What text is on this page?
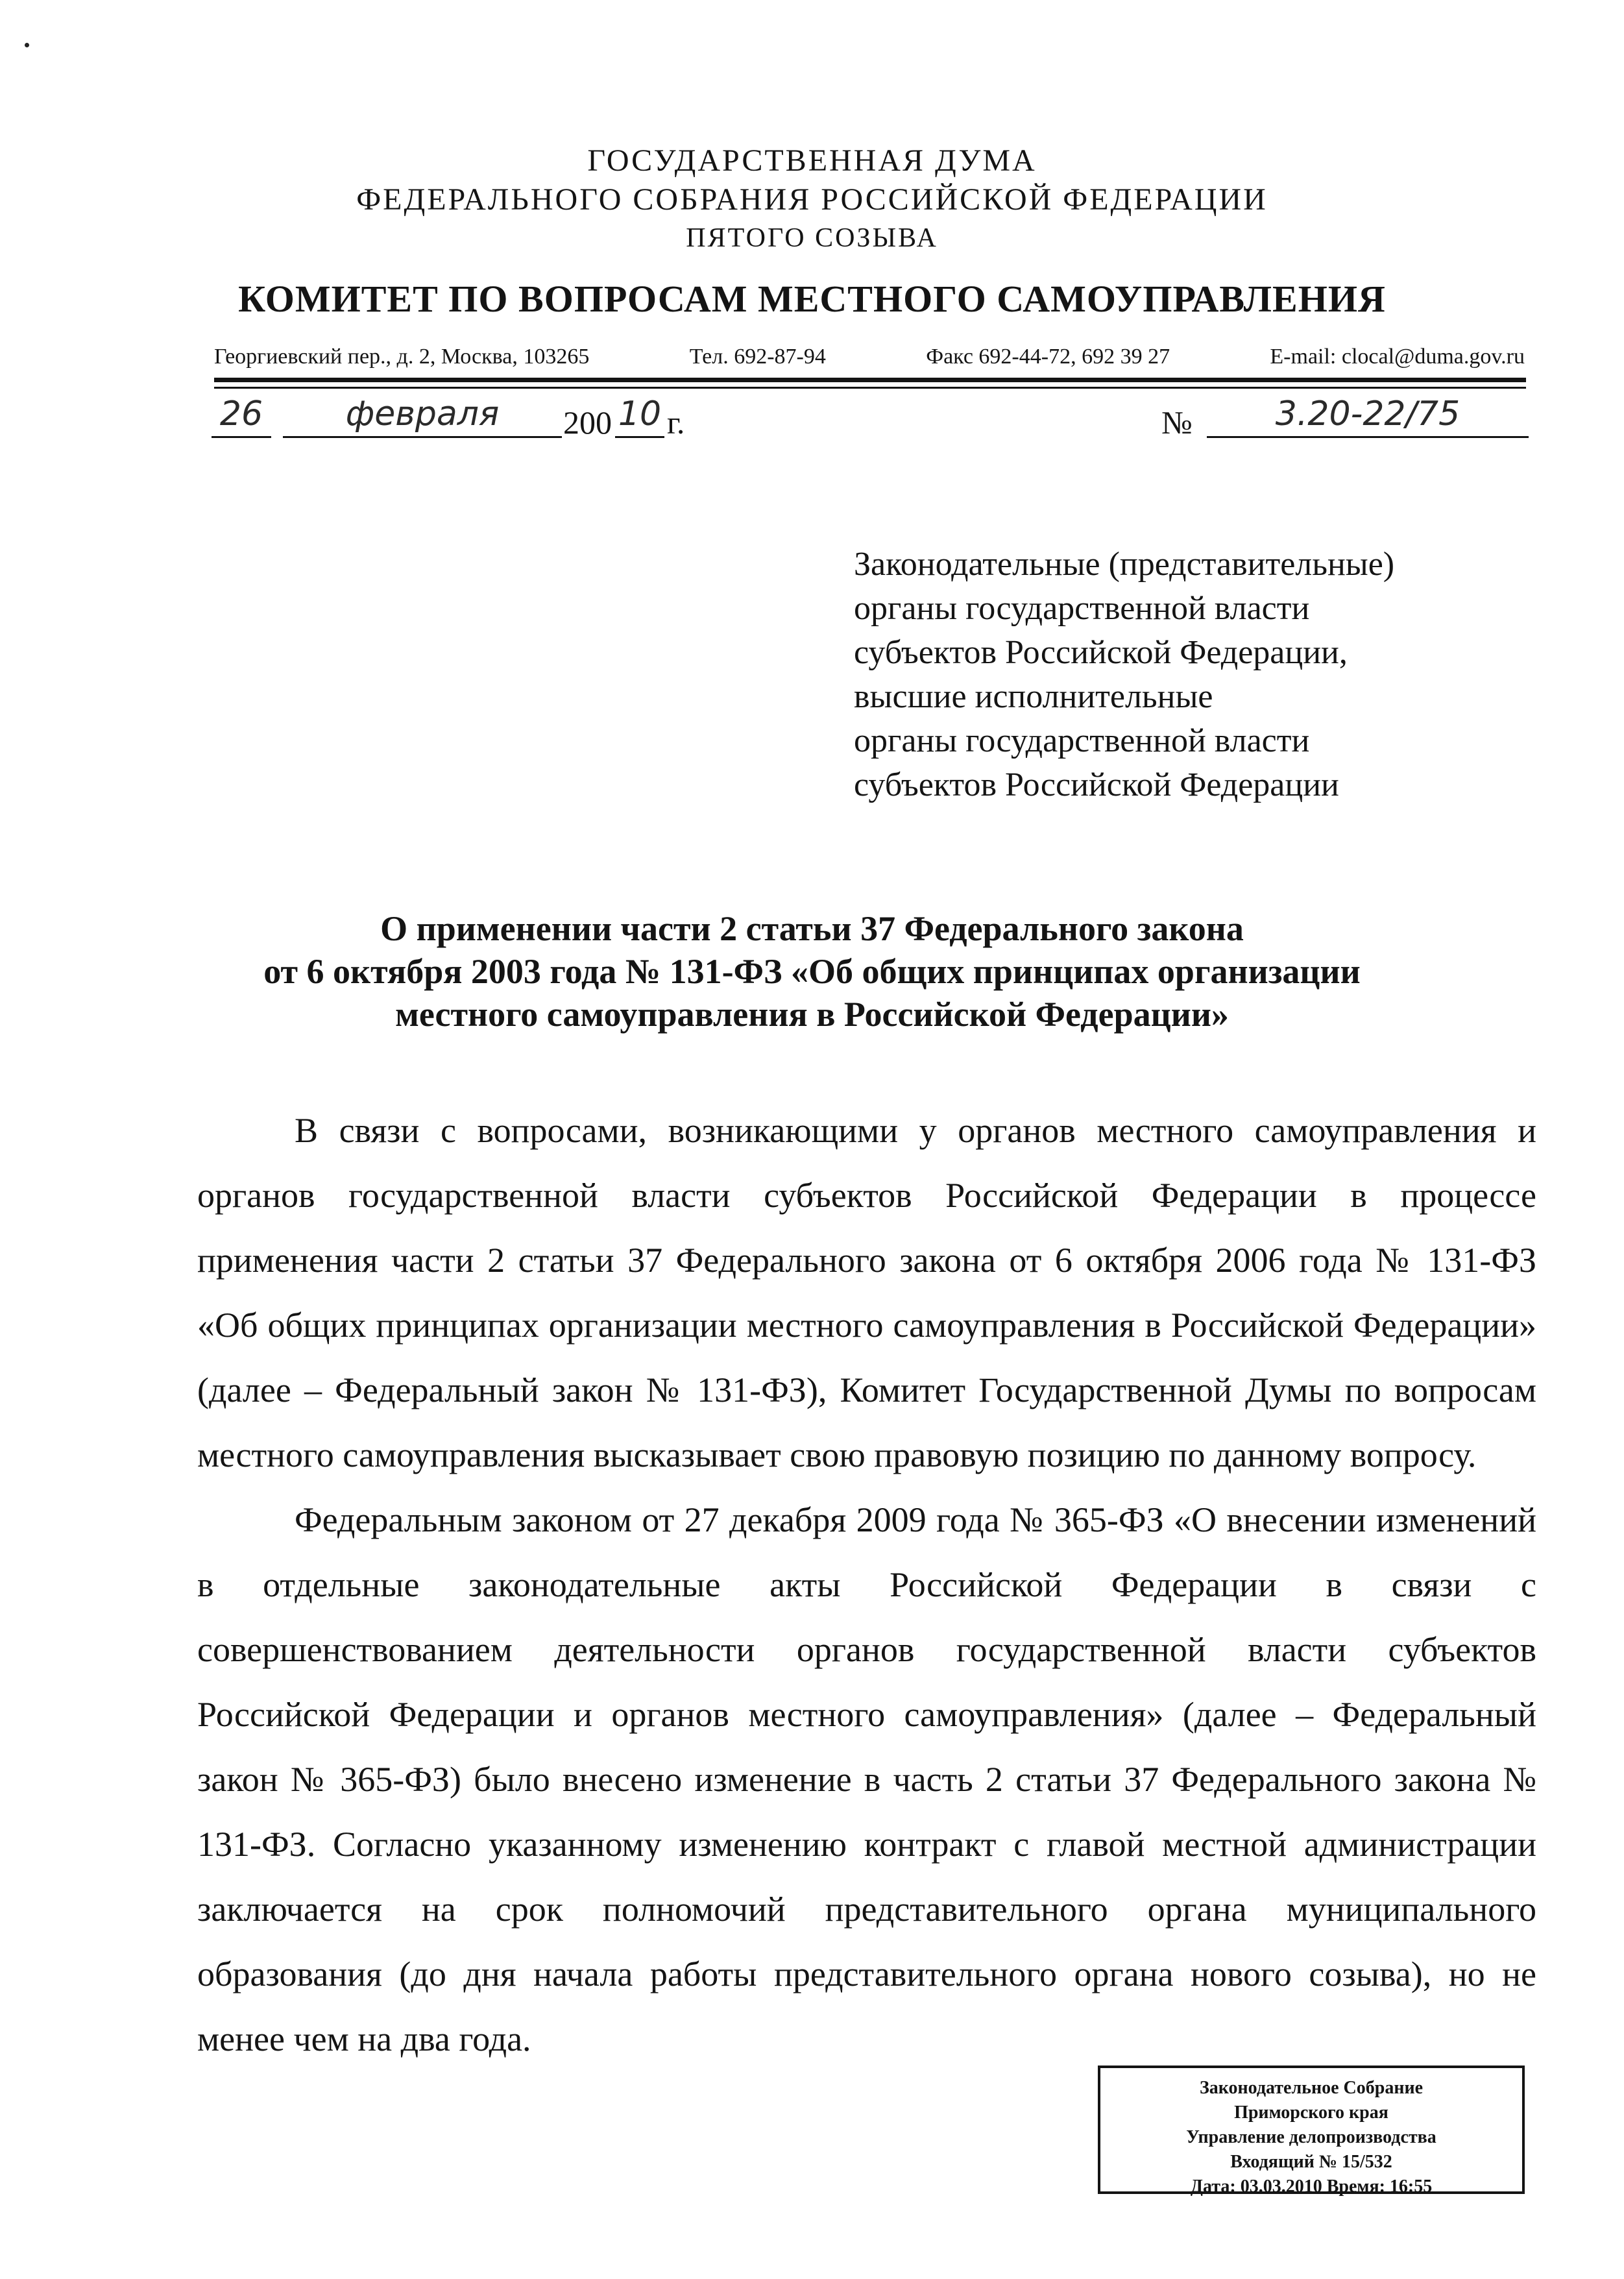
ГОСУДАРСТВЕННАЯ ДУМА
ФЕДЕРАЛЬНОГО СОБРАНИЯ РОССИЙСКОЙ ФЕДЕРАЦИИ
ПЯТОГО СОЗЫВА
КОМИТЕТ ПО ВОПРОСАМ МЕСТНОГО САМОУПРАВЛЕНИЯ
Георгиевский пер., д. 2, Москва, 103265	Тел. 692-87-94	Факс 692-44-72, 692 39 27	E-mail: clocal@duma.gov.ru
26	февраля	200 10 г.	№	3.20-22/75
Законодательные (представительные)
органы государственной власти
субъектов Российской Федерации,
высшие исполнительные
органы государственной власти
субъектов Российской Федерации
О применении части 2 статьи 37 Федерального закона
от 6 октября 2003 года № 131-ФЗ «Об общих принципах организации
местного самоуправления в Российской Федерации»

В связи с вопросами, возникающими у органов местного самоуправления и органов государственной власти субъектов Российской Федерации в процессе применения части 2 статьи 37 Федерального закона от 6 октября 2006 года № 131-ФЗ «Об общих принципах организации местного самоуправления в Российской Федерации» (далее – Федеральный закон № 131-ФЗ), Комитет Государственной Думы по вопросам местного самоуправления высказывает свою правовую позицию по данному вопросу.

Федеральным законом от 27 декабря 2009 года № 365-ФЗ «О внесении изменений в отдельные законодательные акты Российской Федерации в связи с совершенствованием деятельности органов государственной власти субъектов Российской Федерации и органов местного самоуправления» (далее – Федеральный закон № 365-ФЗ) было внесено изменение в часть 2 статьи 37 Федерального закона № 131-ФЗ. Согласно указанному изменению контракт с главой местной администрации заключается на срок полномочий представительного органа муниципального образования (до дня начала работы представительного органа нового созыва), но не менее чем на два года.

Законодательное Собрание
Приморского края
Управление делопроизводства
Входящий № 15/532
Дата: 03.03.2010 Время: 16:55
